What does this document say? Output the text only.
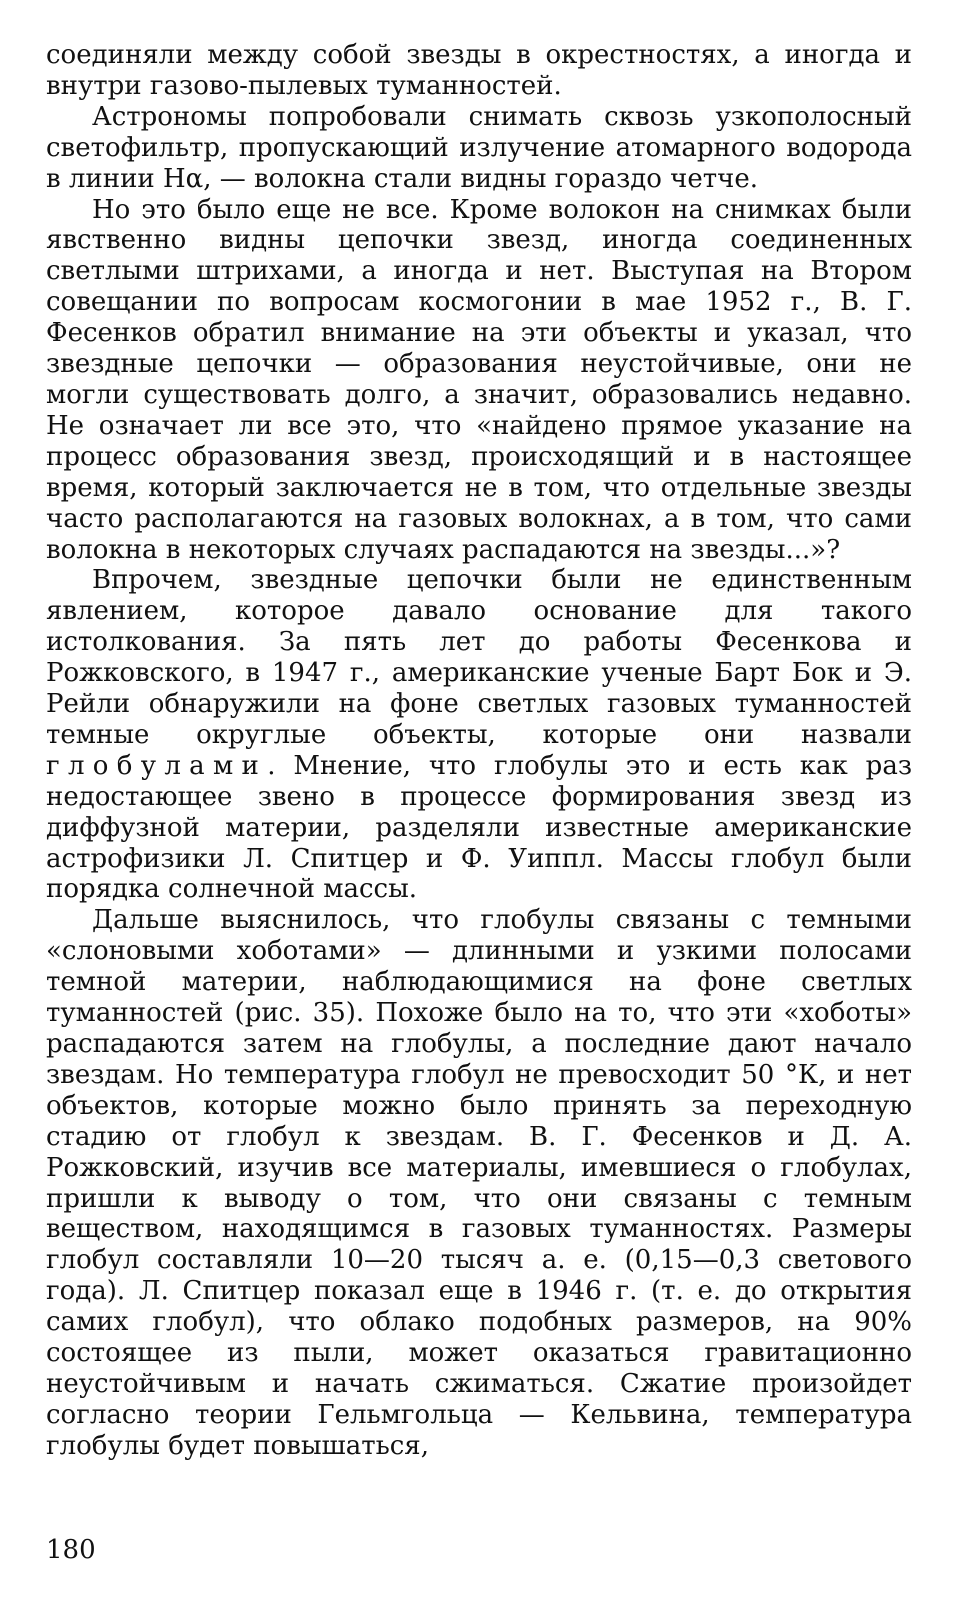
соединяли между собой звезды в окрестностях, а иногда и внутри газово-пылевых туманностей.

Астрономы попробовали снимать сквозь узкополосный светофильтр, пропускающий излучение атомарного водорода в линии Hα, — волокна стали видны гораздо четче.

Но это было еще не все. Кроме волокон на снимках были явственно видны цепочки звезд, иногда соединенных светлыми штрихами, а иногда и нет. Выступая на Втором совещании по вопросам космогонии в мае 1952 г., В. Г. Фесенков обратил внимание на эти объекты и указал, что звездные цепочки — образования неустойчивые, они не могли существовать долго, а значит, образовались недавно. Не означает ли все это, что «найдено прямое указание на процесс образования звезд, происходящий и в настоящее время, который заключается не в том, что отдельные звезды часто располагаются на газовых волокнах, а в том, что сами волокна в некоторых случаях распадаются на звезды...»?

Впрочем, звездные цепочки были не единственным явлением, которое давало основание для такого истолкования. За пять лет до работы Фесенкова и Рожковского, в 1947 г., американские ученые Барт Бок и Э. Рейли обнаружили на фоне светлых газовых туманностей темные округлые объекты, которые они назвали глобулами. Мнение, что глобулы это и есть как раз недостающее звено в процессе формирования звезд из диффузной материи, разделяли известные американские астрофизики Л. Спитцер и Ф. Уиппл. Массы глобул были порядка солнечной массы.

Дальше выяснилось, что глобулы связаны с темными «слоновыми хоботами» — длинными и узкими полосами темной материи, наблюдающимися на фоне светлых туманностей (рис. 35). Похоже было на то, что эти «хоботы» распадаются затем на глобулы, а последние дают начало звездам. Но температура глобул не превосходит 50 °К, и нет объектов, которые можно было принять за переходную стадию от глобул к звездам. В. Г. Фесенков и Д. А. Рожковский, изучив все материалы, имевшиеся о глобулах, пришли к выводу о том, что они связаны с темным веществом, находящимся в газовых туманностях. Размеры глобул составляли 10—20 тысяч а. е. (0,15—0,3 светового года). Л. Спитцер показал еще в 1946 г. (т. е. до открытия самих глобул), что облако подобных размеров, на 90% состоящее из пыли, может оказаться гравитационно неустойчивым и начать сжиматься. Сжатие произойдет согласно теории Гельмгольца — Кельвина, температура глобулы будет повышаться,

180
